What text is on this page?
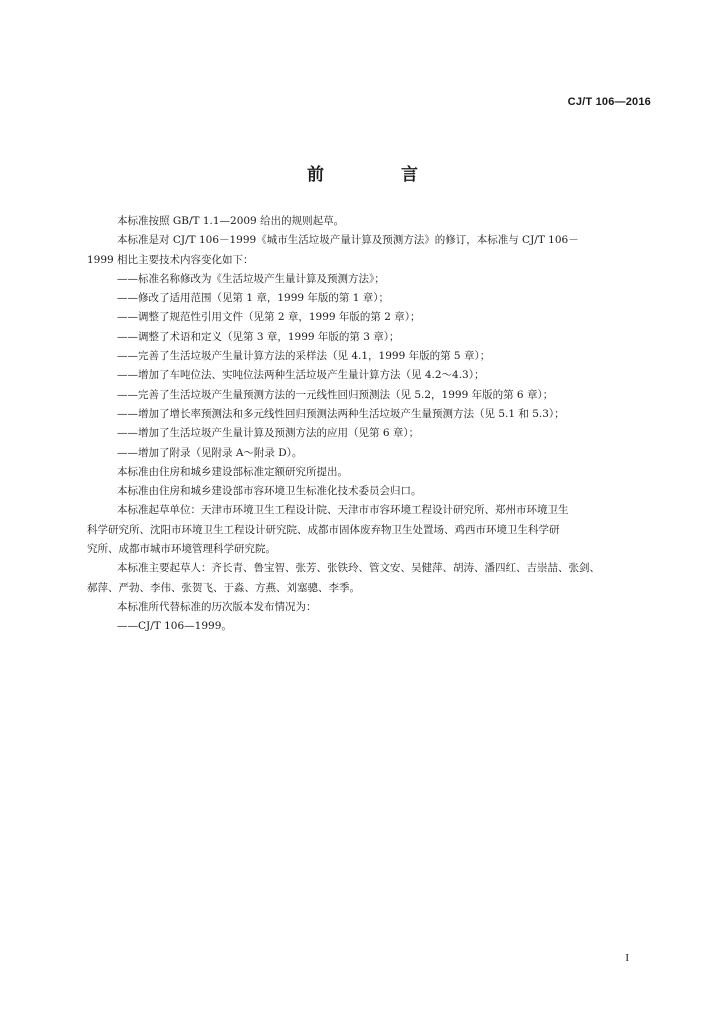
CJ/T 106—2016
前　言

本标准按照 GB/T 1.1—2009 给出的规则起草。

本标准是对 CJ/T 106－1999《城市生活垃圾产量计算及预测方法》的修订，本标准与 CJ/T 106－

1999 相比主要技术内容变化如下：

——标准名称修改为《生活垃圾产生量计算及预测方法》；

——修改了适用范围（见第 1 章，1999 年版的第 1 章）；

——调整了规范性引用文件（见第 2 章，1999 年版的第 2 章）；

——调整了术语和定义（见第 3 章，1999 年版的第 3 章）；

——完善了生活垃圾产生量计算方法的采样法（见 4.1，1999 年版的第 5 章）；

——增加了车吨位法、实吨位法两种生活垃圾产生量计算方法（见 4.2～4.3）；

——完善了生活垃圾产生量预测方法的一元线性回归预测法（见 5.2，1999 年版的第 6 章）；

——增加了增长率预测法和多元线性回归预测法两种生活垃圾产生量预测方法（见 5.1 和 5.3）；

——增加了生活垃圾产生量计算及预测方法的应用（见第 6 章）；

——增加了附录（见附录 A～附录 D）。

本标准由住房和城乡建设部标准定额研究所提出。

本标准由住房和城乡建设部市容环境卫生标准化技术委员会归口。

本标准起草单位：天津市环境卫生工程设计院、天津市市容环境工程设计研究所、郑州市环境卫生

科学研究所、沈阳市环境卫生工程设计研究院、成都市固体废弃物卫生处置场、鸡西市环境卫生科学研

究所、成都市城市环境管理科学研究院。

本标准主要起草人：齐长青、鲁宝智、张芳、张铁玲、管文安、吴健萍、胡涛、潘四红、吉崇喆、张剑、

郝萍、严勃、李伟、张贺飞、于淼、方燕、刘塞骢、李季。

本标准所代替标准的历次版本发布情况为：

——CJ/T 106—1999。

I
